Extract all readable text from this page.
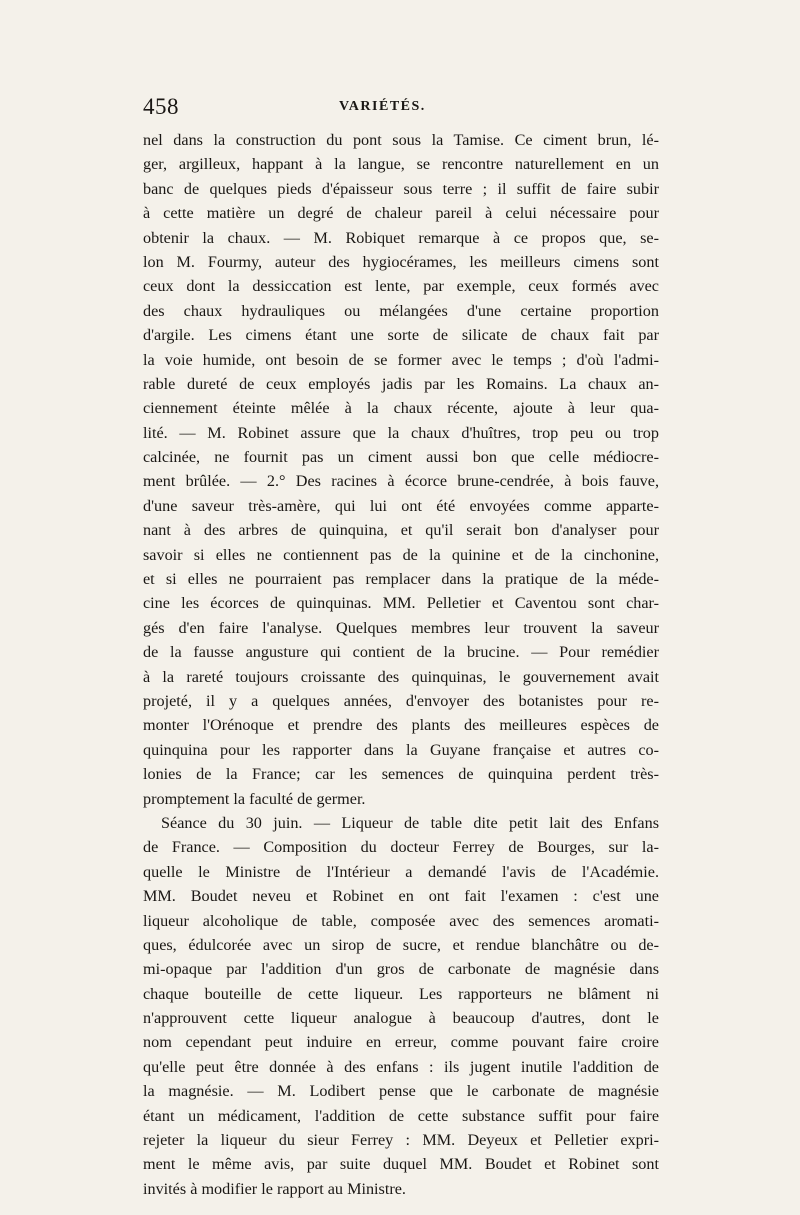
458	VARIÉTÉS.
nel dans la construction du pont sous la Tamise. Ce ciment brun, lé-
ger, argilleux, happant à la langue, se rencontre naturellement en un
banc de quelques pieds d'épaisseur sous terre ; il suffit de faire subir
à cette matière un degré de chaleur pareil à celui nécessaire pour
obtenir la chaux. — M. Robiquet remarque à ce propos que, se-
lon M. Fourmy, auteur des hygiocérames, les meilleurs cimens sont
ceux dont la dessiccation est lente, par exemple, ceux formés avec
des chaux hydrauliques ou mélangées d'une certaine proportion
d'argile. Les cimens étant une sorte de silicate de chaux fait par
la voie humide, ont besoin de se former avec le temps ; d'où l'admi-
rable dureté de ceux employés jadis par les Romains. La chaux an-
ciennement éteinte mêlée à la chaux récente, ajoute à leur qua-
lité. — M. Robinet assure que la chaux d'huîtres, trop peu ou trop
calcinée, ne fournit pas un ciment aussi bon que celle médiocre-
ment brûlée. — 2.° Des racines à écorce brune-cendrée, à bois fauve,
d'une saveur très-amère, qui lui ont été envoyées comme apparte-
nant à des arbres de quinquina, et qu'il serait bon d'analyser pour
savoir si elles ne contiennent pas de la quinine et de la cinchonine,
et si elles ne pourraient pas remplacer dans la pratique de la méde-
cine les écorces de quinquinas. MM. Pelletier et Caventou sont char-
gés d'en faire l'analyse. Quelques membres leur trouvent la saveur
de la fausse angusture qui contient de la brucine. — Pour remédier
à la rareté toujours croissante des quinquinas, le gouvernement avait
projeté, il y a quelques années, d'envoyer des botanistes pour re-
monter l'Orénoque et prendre des plants des meilleures espèces de
quinquina pour les rapporter dans la Guyane française et autres co-
lonies de la France; car les semences de quinquina perdent très-
promptement la faculté de germer.
Séance du 30 juin. — Liqueur de table dite petit lait des Enfans
de France. — Composition du docteur Ferrey de Bourges, sur la-
quelle le Ministre de l'Intérieur a demandé l'avis de l'Académie.
MM. Boudet neveu et Robinet en ont fait l'examen : c'est une
liqueur alcoholique de table, composée avec des semences aromati-
ques, édulcorée avec un sirop de sucre, et rendue blanchâtre ou de-
mi-opaque par l'addition d'un gros de carbonate de magnésie dans
chaque bouteille de cette liqueur. Les rapporteurs ne blâment ni
n'approuvent cette liqueur analogue à beaucoup d'autres, dont le
nom cependant peut induire en erreur, comme pouvant faire croire
qu'elle peut être donnée à des enfans : ils jugent inutile l'addition de
la magnésie. — M. Lodibert pense que le carbonate de magnésie
étant un médicament, l'addition de cette substance suffit pour faire
rejeter la liqueur du sieur Ferrey : MM. Deyeux et Pelletier expri-
ment le même avis, par suite duquel MM. Boudet et Robinet sont
invités à modifier le rapport au Ministre.
